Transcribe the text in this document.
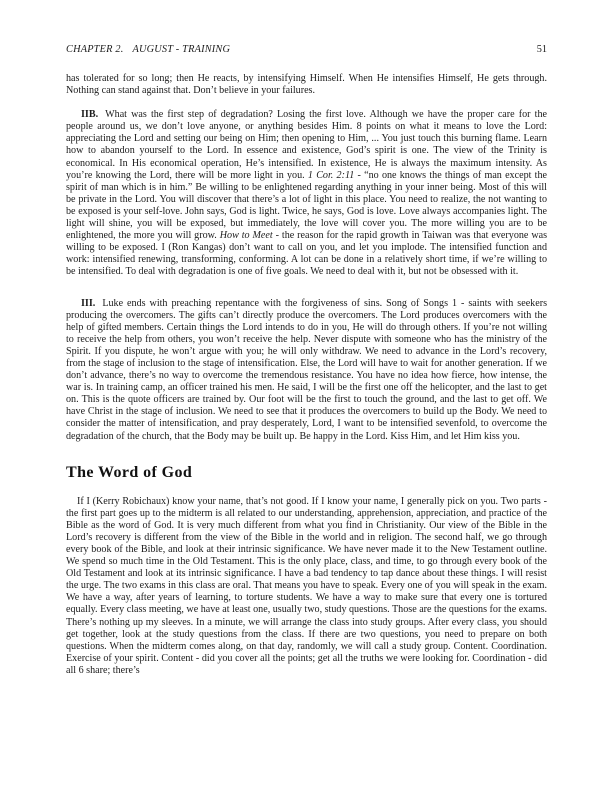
CHAPTER 2. AUGUST - TRAINING	51

has tolerated for so long; then He reacts, by intensifying Himself. When He intensifies Himself, He gets through. Nothing can stand against that. Don’t believe in your failures.

IIB. What was the first step of degradation? Losing the first love. Although we have the proper care for the people around us, we don’t love anyone, or anything besides Him. 8 points on what it means to love the Lord: appreciating the Lord and setting our being on Him; then opening to Him, ... You just touch this burning flame. Learn how to abandon yourself to the Lord. In essence and existence, God’s spirit is one. The view of the Trinity is economical. In His economical operation, He’s intensified. In existence, He is always the maximum intensity. As you’re knowing the Lord, there will be more light in you. 1 Cor. 2:11 - “no one knows the things of man except the spirit of man which is in him.” Be willing to be enlightened regarding anything in your inner being. Most of this will be private in the Lord. You will discover that there’s a lot of light in this place. You need to realize, the not wanting to be exposed is your self-love. John says, God is light. Twice, he says, God is love. Love always accompanies light. The light will shine, you will be exposed, but immediately, the love will cover you. The more willing you are to be enlightened, the more you will grow. How to Meet - the reason for the rapid growth in Taiwan was that everyone was willing to be exposed. I (Ron Kangas) don’t want to call on you, and let you implode. The intensified function and work: intensified renewing, transforming, conforming. A lot can be done in a relatively short time, if we’re willing to be intensified. To deal with degradation is one of five goals. We need to deal with it, but not be obsessed with it.

III. Luke ends with preaching repentance with the forgiveness of sins. Song of Songs 1 - saints with seekers producing the overcomers. The gifts can’t directly produce the overcomers. The Lord produces overcomers with the help of gifted members. Certain things the Lord intends to do in you, He will do through others. If you’re not willing to receive the help from others, you won’t receive the help. Never dispute with someone who has the ministry of the Spirit. If you dispute, he won’t argue with you; he will only withdraw. We need to advance in the Lord’s recovery, from the stage of inclusion to the stage of intensification. Else, the Lord will have to wait for another generation. If we don’t advance, there’s no way to overcome the tremendous resistance. You have no idea how fierce, how intense, the war is. In training camp, an officer trained his men. He said, I will be the first one off the helicopter, and the last to get on. This is the quote officers are trained by. Our foot will be the first to touch the ground, and the last to get off. We have Christ in the stage of inclusion. We need to see that it produces the overcomers to build up the Body. We need to consider the matter of intensification, and pray desperately, Lord, I want to be intensified sevenfold, to overcome the degradation of the church, that the Body may be built up. Be happy in the Lord. Kiss Him, and let Him kiss you.

The Word of God

If I (Kerry Robichaux) know your name, that’s not good. If I know your name, I generally pick on you. Two parts - the first part goes up to the midterm is all related to our understanding, apprehension, appreciation, and practice of the Bible as the word of God. It is very much different from what you find in Christianity. Our view of the Bible in the Lord’s recovery is different from the view of the Bible in the world and in religion. The second half, we go through every book of the Bible, and look at their intrinsic significance. We have never made it to the New Testament outline. We spend so much time in the Old Testament. This is the only place, class, and time, to go through every book of the Old Testament and look at its intrinsic significance. I have a bad tendency to tap dance about these things. I will resist the urge. The two exams in this class are oral. That means you have to speak. Every one of you will speak in the exam. We have a way, after years of learning, to torture students. We have a way to make sure that every one is tortured equally. Every class meeting, we have at least one, usually two, study questions. Those are the questions for the exams. There’s nothing up my sleeves. In a minute, we will arrange the class into study groups. After every class, you should get together, look at the study questions from the class. If there are two questions, you need to prepare on both questions. When the midterm comes along, on that day, randomly, we will call a study group. Content. Coordination. Exercise of your spirit. Content - did you cover all the points; get all the truths we were looking for. Coordination - did all 6 share; there’s
